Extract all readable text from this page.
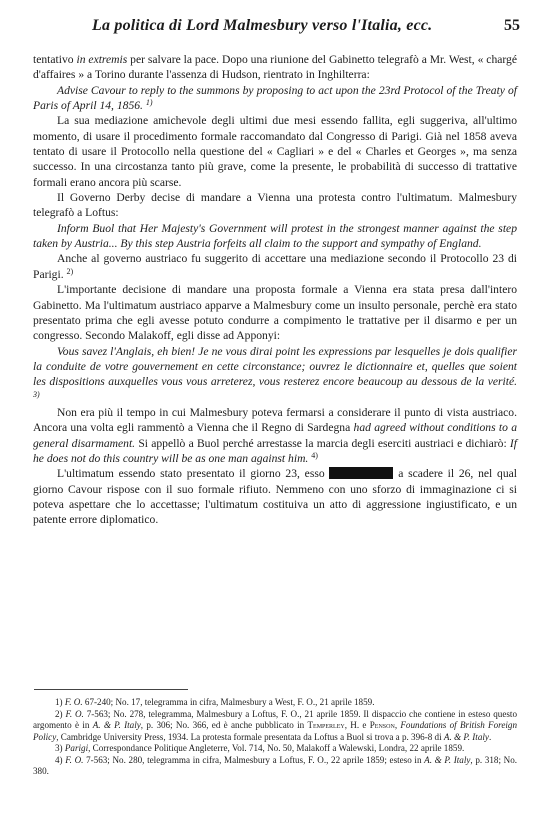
La politica di Lord Malmesbury verso l'Italia, ecc.	55

tentativo in extremis per salvare la pace. Dopo una riunione del Gabinetto telegrafò a Mr. West, « chargé d'affaires » a Torino durante l'assenza di Hudson, rientrato in Inghilterra:

Advise Cavour to reply to the summons by proposing to act upon the 23rd Protocol of the Treaty of Paris of April 14, 1856. $^{1)}$

La sua mediazione amichevole degli ultimi due mesi essendo fallita, egli suggeriva, all'ultimo momento, di usare il procedimento formale raccomandato dal Congresso di Parigi. Già nel 1858 aveva tentato di usare il Protocollo nella questione del « Cagliari » e del « Charles et Georges », ma senza successo. In una circostanza tanto più grave, come la presente, le probabilità di successo di trattative formali erano ancora più scarse.

Il Governo Derby decise di mandare a Vienna una protesta contro l'ultimatum. Malmesbury telegrafò a Loftus:

Inform Buol that Her Majesty's Government will protest in the strongest manner against the step taken by Austria... By this step Austria forfeits all claim to the support and sympathy of England.

Anche al governo austriaco fu suggerito di accettare una mediazione secondo il Protocollo 23 di Parigi. $^{2)}$

L'importante decisione di mandare una proposta formale a Vienna era stata presa dall'intero Gabinetto. Ma l'ultimatum austriaco apparve a Malmesbury come un insulto personale, perchè era stato presentato prima che egli avesse potuto condurre a compimento le trattative per il disarmo e per un congresso. Secondo Malakoff, egli disse ad Apponyi:

Vous savez l'Anglais, eh bien! Je ne vous dirai point les expressions par lesquelles je dois qualifier la conduite de votre gouvernement en cette circonstance; ouvrez le dictionnaire et, quelles que soient les dispositions auxquelles vous vous arreterez, vous resterez encore beaucoup au dessous de la verité. $^{3)}$

Non era più il tempo in cui Malmesbury poteva fermarsi a considerare il punto di vista austriaco. Ancora una volta egli rammentò a Vienna che il Regno di Sardegna had agreed without conditions to a general disarmament. Si appellò a Buol perché arrestasse la marcia degli eserciti austriaci e dichiarò: If he does not do this country will be as one man against him. $^{4)}$

L'ultimatum essendo stato presentato il giorno 23, esso	a scadere il 26, nel qual giorno Cavour rispose con il suo formale rifiuto. Nemmeno con uno sforzo di immaginazione ci si poteva aspettare che lo accettasse; l'ultimatum costituiva un atto di aggressione ingiustificato, e un patente errore diplomatico.

1) F. O. 67-240; No. 17, telegramma in cifra, Malmesbury a West, F. O., 21 aprile 1859.

2) F. O. 7-563; No. 278, telegramma, Malmesbury a Loftus, F. O., 21 aprile 1859. Il dispaccio che contiene in esteso questo argomento è in A. & P. Italy, p. 306; No. 366, ed è anche pubblicato in Temperley, H. e Penson, Foundations of British Foreign Policy, Cambridge University Press, 1934. La protesta formale presentata da Loftus a Buol si trova a p. 396-8 di A. & P. Italy.

3) Parigi, Correspondance Politique Angleterre, Vol. 714, No. 50, Malakoff a Walewski, Londra, 22 aprile 1859.

4) F. O. 7-563; No. 280, telegramma in cifra, Malmesbury a Loftus, F. O., 22 aprile 1859; esteso in A. & P. Italy, p. 318; No. 380.
